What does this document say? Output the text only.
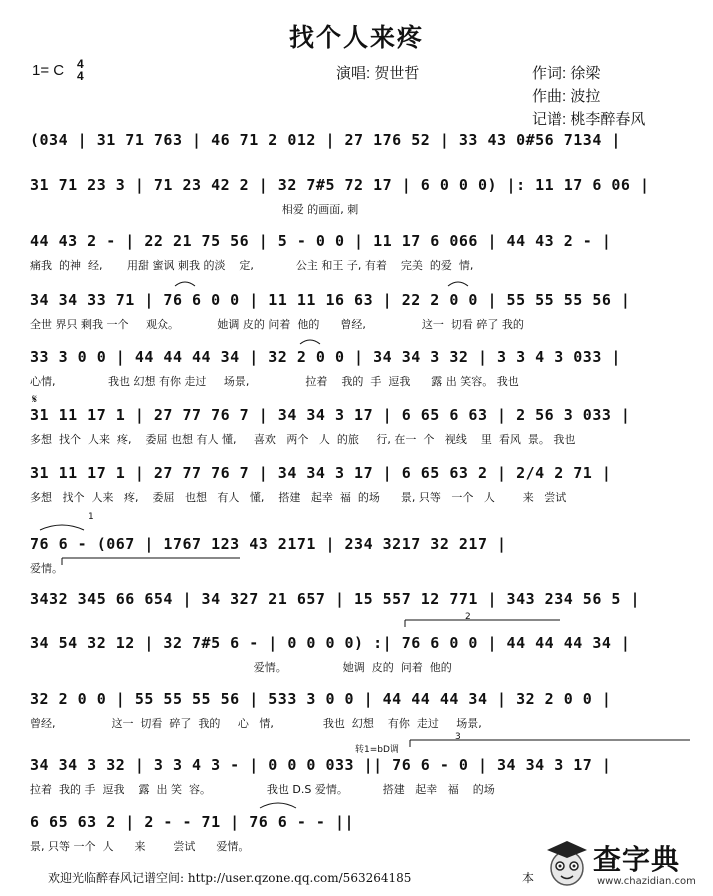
找个人来疼
1= C 4
4	演唱: 贺世哲	作词: 徐梁
作曲: 波拉
记谱: 桃李醉春风
(034 | 31 71 763 | 46 71 2 012 | 27 176 52 | 33 43 0#56 7134 |
31 71 23 3 | 71 23 42 2 | 32 7#5 72 17 | 6 0 0 0) |: 11 17 6 06 |
相爱 的画面, 刺
44 43 2 - | 22 21 75 56 | 5 - 0 0 | 11 17 6 066 | 44 43 2 - |
痛我  的神  经,       用甜 蜜讽 刺我 的淡    定,            公主 和王 子, 有着    完美  的爱  情,
34 34 33 71 | 76 6 0 0 | 11 11 16 63 | 22 2 0 0 | 55 55 55 56 |
全世 界只 剩我 一个     观众。           她调 皮的 问着  他的      曾经,                这一  切看 碎了 我的
33 3 0 0 | 44 44 44 34 | 32 2 0 0 | 34 34 3 32 | 3 3 4 3 033 |
心情,               我也 幻想 有你 走过     场景,                拉着    我的  手  逗我      露 出 笑容。 我也
𝄋
31 11 17 1 | 27 77 76 7 | 34 34 3 17 | 6 65 6 63 | 2 56 3 033 |
多想  找个  人来  疼,    委屈 也想 有人 懂,     喜欢   两个   人  的旅     行, 在一  个   视线    里  看风  景。 我也
31 11 17 1 | 27 77 76 7 | 34 34 3 17 | 6 65 63 2 | 2/4 2 71 |
多想   找个  人来   疼,    委屈   也想   有人   懂,    搭建   起幸  福  的场      景, 只等   一个   人        来   尝试
1
76 6 - (067 | 1767 123 43 2171 | 234 3217 32 217 |
爱情。
3432 345 66 654 | 34 327 21 657 | 15 557 12 771 | 343 234 56 5 |
2
34 54 32 12 | 32 7#5 6 - | 0 0 0 0) :| 76 6 0 0 | 44 44 44 34 |
爱情。                她调  皮的  问着  他的
32 2 0 0 | 55 55 55 56 | 533 3 0 0 | 44 44 44 34 | 32 2 0 0 |
曾经,                这一  切看  碎了  我的     心   情,              我也  幻想    有你  走过     场景,
转1=bD调
3
34 34 3 32 | 3 3 4 3 - | 0 0 0 033 || 76 6 - 0 | 34 34 3 17 |
拉着  我的 手  逗我    露  出 笑  容。                我也 D.S 爱情。          搭建   起幸   福    的场
6 65 63 2 | 2 - - 71 | 76 6 - - ||
景, 只等 一个  人      来        尝试      爱情。
欢迎光临醉春风记谱空间: http://user.qzone.qq.com/563264185	本
查字典
www.chazidian.com
